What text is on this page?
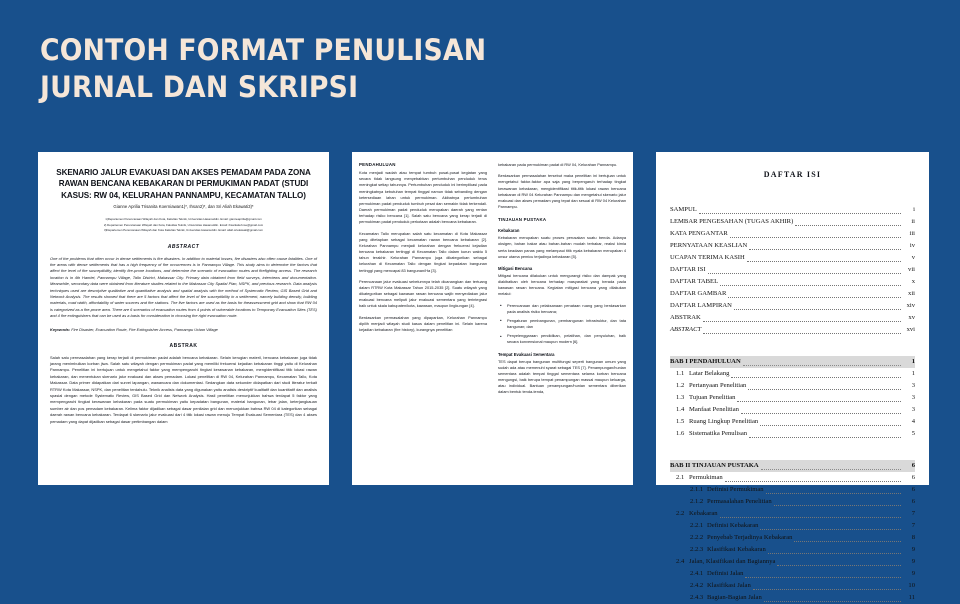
CONTOH FORMAT PENULISAN
JURNAL DAN SKRIPSI
SKENARIO JALUR EVAKUASI DAN AKSES PEMADAM PADA ZONA RAWAN BENCANA KEBAKARAN DI PERMUKIMAN PADAT (STUDI KASUS: RW 04, KELURAHAN PANNAMPU, KECAMATAN TALLO)
Gianne Aprilia Trisanita Koerniawan1)*, Ihsan2)*, dan Sri Aliah Ekawati3)*
1)Departemen Perencanaan Wilayah dan Kota, Fakultas Teknik, Universitas Hasanuddin. Email: gianneaprilia@gmail.com
2) Departemen Perencanaan Wilayah dan Kota, Fakultas Teknik, Universitas Hasanuddin. Email: ihsanlatief.nse@gmail.com
3)Departemen Perencanaan Wilayah dan Kota Fakultas Teknik, Universitas Hasanuddin. Email: aliah.sriekawati@gmail.com
ABSTRACT
One of the problems that often occur in dense settlements is fire disasters. In addition to material losses, fire disasters also often cause fatalities. One of the areas with dense settlements that has a high frequency of fire occurrences is in Pannampu Village. This study aims to determine the factors that affect the level of fire susceptibility, identify fire-prone locations, and determine the scenario of evacuation routes and firefighting access. The research location is in 4th Hamlet, Pannampu Village, Tallo District, Makassar City. Primary data obtained from field surveys, interviews and documentation. Meanwhile, secondary data were obtained from literature studies related to the Makassar City Spatial Plan, NSPK, and previous research. Data analysis techniques used are descriptive qualitative and quantitative analysis and spatial analysis with the method of Systematic Review, GIS Based Grid and Network Analysis. The results showed that there are 5 factors that affect the level of fire susceptibility in a settlement, namely building density, building materials, road width, affordability of water sources and fire stations. The five factors are used as the basis for theassessment grid and show that RW 04 is categorized as a fire-prone area. There are 6 scenarios of evacuation routes from 4 points of vulnerable locations to Temporary Evacuation Sites (TES) and 4 fire extinguishers that can be used as a basis for consideration in choosing the right evacuation route.
Keywords: Fire Disaster, Evacuation Route, Fire Extinguisher Access, Pannampu Urban Village
ABSTRAK
Salah satu permasalahan yang kerap terjadi di permukiman padat adalah bencana kebakaran. Selain kerugian materil, bencana kebakaran juga tidak jarang menimbulkan korban jiwa. Salah satu wilayah dengan permukiman padat yang memiliki frekuensi kejadian kebakaran tinggi yaitu di Kelurahan Pannampu. Penelitian ini bertujuan untuk mengetahui faktor yang mempengaruhi tingkat kerawanan kebakaran, mengidentifikasi titik lokasi rawan kebakaran, dan menentukan skenario jalur evakuasi dan akses pemadam. Lokasi penelitian di RW 04, Kelurahan Pannampu, Kecamatan Tallo, Kota Makassar. Data primer didapatkan dari survei lapangan, wawancara dan dokumentasi. Sedangkan data sekunder didapatkan dari studi literatur terkait RTRW Kota Makassar, NSPK, dan penelitian terdahulu. Teknik analisis data yang digunakan yaitu analisis deskriptif kualitatif dan kuantitatif dan analisis spasial dengan metode Systematic Review, GIS Based Grid dan Network Analysis. Hasil penelitian menunjukkan bahwa terdapat 5 faktor yang mempengaruhi tingkat kerawanan kebakaran pada suatu permukiman yaitu kepadatan bangunan, material bangunan, lebar jalan, keterjangkauan sumber air dan pos pemadam kebakaran. Kelima faktor dijadikan sebagai dasar penilaian grid dan menunjukkan bahwa RW 04 di kategorikan sebagai daerah rawan bencana kebakaran. Terdapat 6 skenario jalur evakuasi dari 4 titik lokasi rawan menuju Tempat Evakuasi Sementara (TES) dan 4 akses pemadam yang dapat dijadikan sebagai dasar pertimbangan dalam
PENDAHULUAN

Kota menjadi wadah atau tempat tumbuh pusat-pusat kegiatan yang secara tidak langsung menyebabkan pertumbuhan penduduk terus meningkat setiap tahunnya. Pertumbuhan penduduk ini berimplikasi pada meningkatnya kebutuhan tempat tinggal namun tidak sebanding dengan ketersediaan lahan untuk permukiman. Akibatnya pertumbuhan permukiman padat penduduk tumbuh pesat dan semakin tidak terkendali. Daerah permukiman padat penduduk merupakan daerah yang rentan terhadap risiko bencana [1]. Salah satu bencana yang kerap terjadi di permukiman padat penduduk perkotaan adalah bencana kebakaran.

Kecamatan Tallo merupakan salah satu kecamatan di Kota Makassar yang ditetapkan sebagai kecamatan rawan bencana kebakaran [2]. Kelurahan Pannampu menjadi kelurahan dengan frekuensi kejadian bencana kebakaran tertinggi di Kecamatan Tallo dalam kurun waktu 5 tahun terakhir. Kelurahan Pannampu juga dikategorikan sebagai kelurahan di Kecamatan Tallo dengan tingkat kepadatan bangunan tertinggi yang mencapai 83 bangunan/Ha [3].

Perencanaan jalur evakuasi sebelumnya telah dicanangkan dan tertuang dalam RTRW Kota Makassar Tahun 2015-2035 [2]. Suatu wilayah yang dikategorikan sebagai kawasan rawan bencana wajib menyediakan jalur evakuasi bencana meliputi jalur evakuasi sementara yang terintegrasi baik untuk skala kabupaten/kota, kawasan, maupun lingkungan [4].

Berdasarkan permasalahan yang dipaparkan, Kelurahan Pannampu dipilih menjadi wilayah studi kasus dalam penelitian ini. Selain karena kejadian kebakaran (fire history), kurangnya penelitian

kebakaran pada permukiman padat di RW 04, Kelurahan Pannampu.

Berdasarkan permasalahan tersebut maka penelitian ini bertujuan untuk mengetahui faktor-faktor apa saja yang berpengaruh terhadap tingkat kerawanan kebakaran, mengidentifikasi titik-titik lokasi rawan bencana kebakaran di RW 04 Kelurahan Pannampu dan mengetahui skenario jalur evakuasi dan akses pemadam yang tepat dan sesuai di RW 04 Kelurahan Pannampu.

TINJAUAN PUSTAKA
Kebakaran

Kebakaran merupakan suatu proses perusakan suatu benda. Adanya oksigen, bahan bakar atau bahan-bahan mudah terbakar, reaksi kimia serta keadaan panas yang melampaui titik nyala kebakaran merupakan 4 unsur utama pemicu terjadinya kebakaran [5].

Mitigasi Bencana

Mitigasi bencana dilakukan untuk mengurangi risiko dan dampak yang diakibatkan oleh bencana terhadap masyarakat yang berada pada kawasan rawan bencana. Kegiatan mitigasi bencana yang dilakukan melalui:

• Perencanaan dan pelaksanaan penataan ruang yang berdasarkan pada analisis risiko bencana;
• Pengaturan pembangunan, pembangunan infrastruktur, dan tata bangunan; dan
• Penyelenggaraan pendidikan, pelatihan, dan penyuluhan, baik secara konvensional maupun modern [6].
Tempat Evakuasi Sementara

TES dapat berupa bangunan multifungsi seperti bangunan umum yang sudah ada atau memenuhi syarat sebagai TES [7]. Penampungan/hunian sementara adalah tempat tinggal sementara selama korban bencana mengungsi, baik berupa tempat penampungan massal maupun keluarga, atau individual. Bantuan penampungan/hunian sementara diberikan dalam bentuk tenda-tenda,

DAFTAR ISI
SAMPUL	i
LEMBAR PENGESAHAN (TUGAS AKHIR)	ii
KATA PENGANTAR	iii
PERNYATAAN KEASLIAN	iv
UCAPAN TERIMA KASIH	v
DAFTAR ISI	vii
DAFTAR TABEL	x
DAFTAR GAMBAR	xii
DAFTAR LAMPIRAN	xiv
ABSTRAK	xv
ABSTRACT	xvi
BAB I PENDAHULUAN	1
1.1 Latar Belakang	1
1.2 Pertanyaan Penelitian	3
1.3 Tujuan Penelitian	3
1.4 Manfaat Penelitian	3
1.5 Ruang Lingkup Penelitian	4
1.6 Sistematika Penulisan	5
BAB II TINJAUAN PUSTAKA	6
2.1 Permukiman	6
2.1.1 Definisi Permukiman	6
2.1.2 Permasalahan Penelitian	6
2.2 Kebakaran	7
2.2.1 Definisi Kebakaran	7
2.2.2 Penyebab Terjadinya Kebakaran	8
2.2.3 Klasifikasi Kebakaran	9
2.4 Jalan, Klasifikasi dan Bagiannya	9
2.4.1 Definisi Jalan	9
2.4.2 Klasifikasi Jalan	10
2.4.3 Bagian-Bagian Jalan	11
